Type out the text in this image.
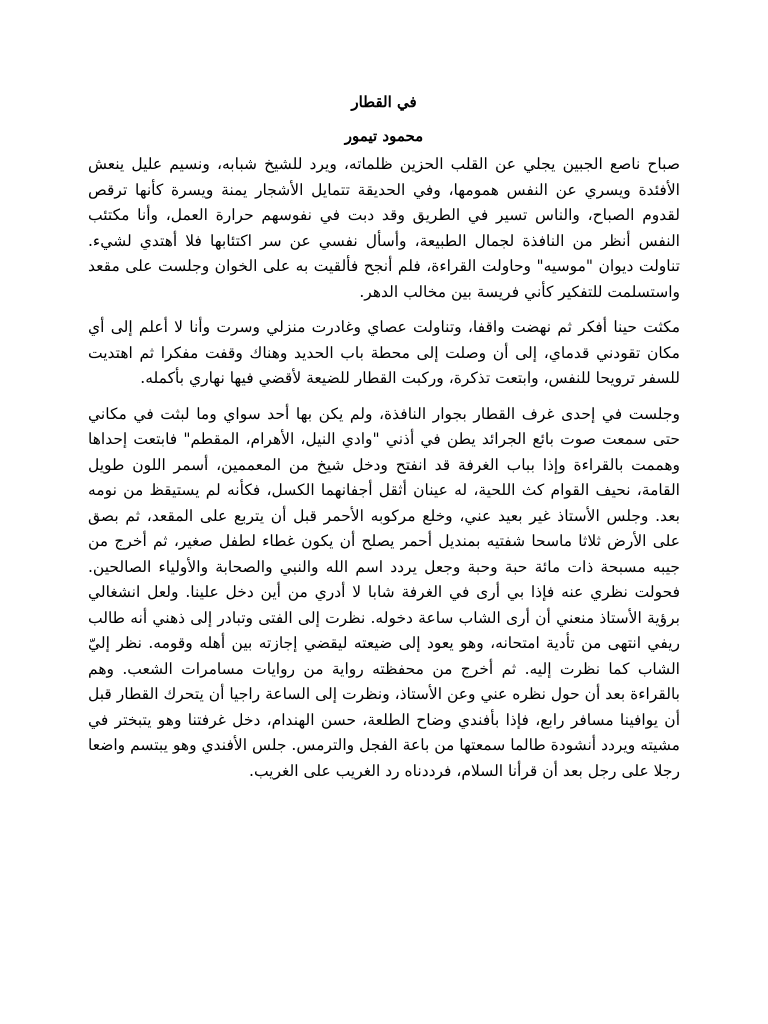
في القطار
محمود تيمور

صباح ناصع الجبين يجلي عن القلب الحزين ظلماته، ويرد للشيخ شبابه، ونسيم عليل ينعش الأفئدة ويسري عن النفس همومها، وفي الحديقة تتمايل الأشجار يمنة ويسرة كأنها ترقص لقدوم الصباح، والناس تسير في الطريق وقد دبت في نفوسهم حرارة العمل، وأنا مكتئب النفس أنظر من النافذة لجمال الطبيعة، وأسأل نفسي عن سر اكتئابها فلا أهتدي لشيء. تناولت ديوان "موسيه" وحاولت القراءة، فلم أنجح فألقيت به على الخوان وجلست على مقعد واستسلمت للتفكير كأني فريسة بين مخالب الدهر.

مكثت حينا أفكر ثم نهضت واقفا، وتناولت عصاي وغادرت منزلي وسرت وأنا لا أعلم إلى أي مكان تقودني قدماي، إلى أن وصلت إلى محطة باب الحديد وهناك وقفت مفكرا ثم اهتديت للسفر ترويحا للنفس، وابتعت تذكرة، وركبت القطار للضيعة لأقضي فيها نهاري بأكمله.

وجلست في إحدى غرف القطار بجوار النافذة، ولم يكن بها أحد سواي وما لبثت في مكاني حتى سمعت صوت بائع الجرائد يطن في أذني "وادي النيل، الأهرام، المقطم" فابتعت إحداها وهممت بالقراءة وإذا بباب الغرفة قد انفتح ودخل شيخ من المعممين، أسمر اللون طويل القامة، نحيف القوام كث اللحية، له عينان أثقل أجفانهما الكسل، فكأنه لم يستيقظ من نومه بعد. وجلس الأستاذ غير بعيد عني، وخلع مركوبه الأحمر قبل أن يتربع على المقعد، ثم بصق على الأرض ثلاثا ماسحا شفتيه بمنديل أحمر يصلح أن يكون غطاء لطفل صغير، ثم أخرج من جيبه مسبحة ذات مائة حبة وحبة وجعل يردد اسم الله والنبي والصحابة والأولياء الصالحين. فحولت نظري عنه فإذا بي أرى في الغرفة شابا لا أدري من أين دخل علينا. ولعل انشغالي برؤية الأستاذ منعني أن أرى الشاب ساعة دخوله. نظرت إلى الفتى وتبادر إلى ذهني أنه طالب ريفي انتهى من تأدية امتحانه، وهو يعود إلى ضيعته ليقضي إجازته بين أهله وقومه. نظر إليّ الشاب كما نظرت إليه. ثم أخرج من محفظته رواية من روايات مسامرات الشعب. وهم بالقراءة بعد أن حول نظره عني وعن الأستاذ، ونظرت إلى الساعة راجيا أن يتحرك القطار قبل أن يوافينا مسافر رابع، فإذا بأفندي وضاح الطلعة، حسن الهندام، دخل غرفتنا وهو يتبختر في مشيته ويردد أنشودة طالما سمعتها من باعة الفجل والترمس. جلس الأفندي وهو يبتسم واضعا رجلا على رجل بعد أن قرأنا السلام، فرددناه رد الغريب على الغريب.
